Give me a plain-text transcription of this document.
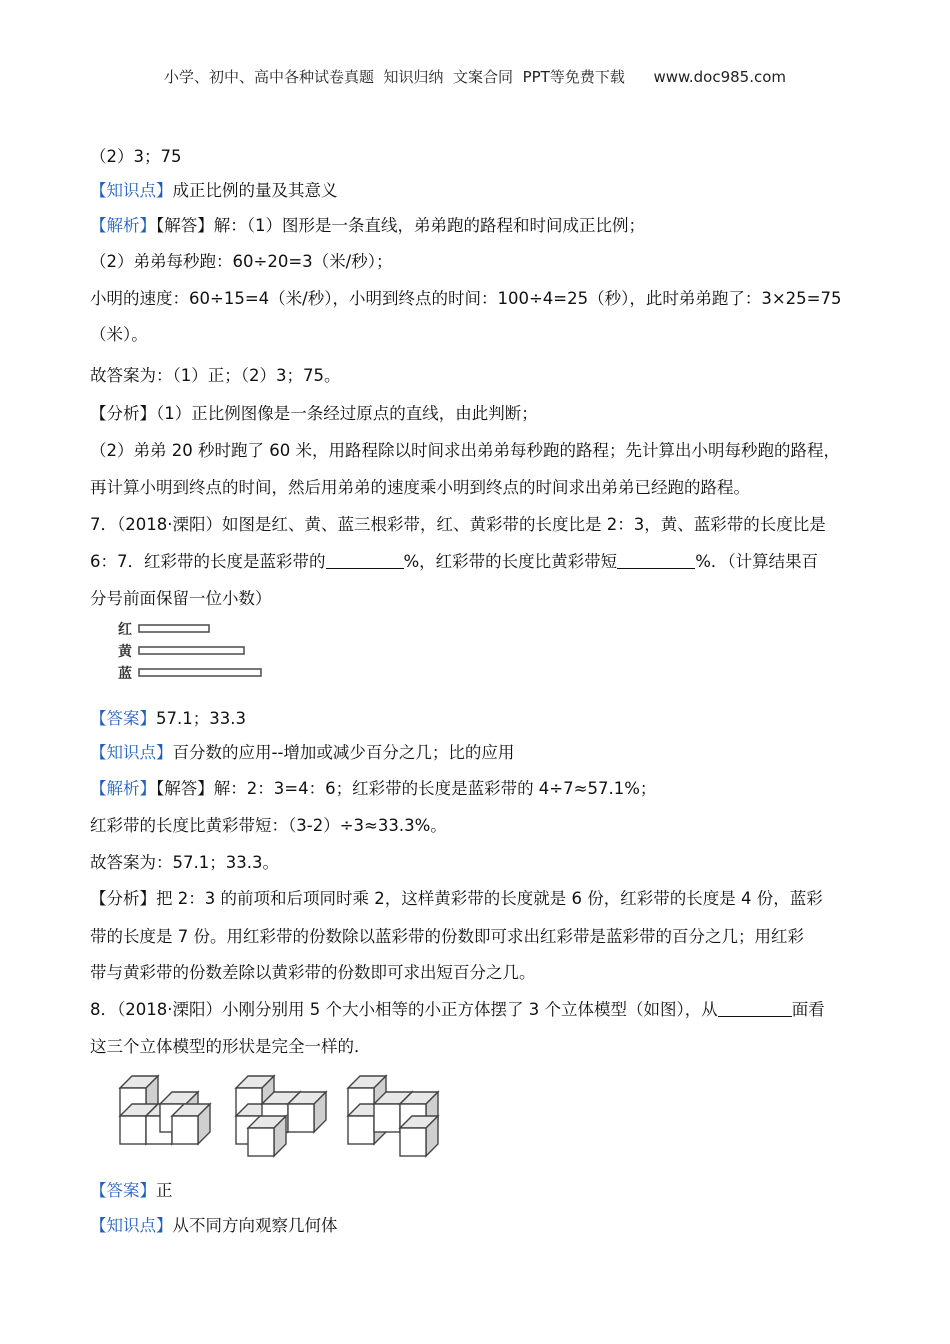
小学、初中、高中各种试卷真题  知识归纳  文案合同  PPT等免费下载      www.doc985.com
（2）3；75
【知识点】成正比例的量及其意义
【解析】【解答】解：（1）图形是一条直线，弟弟跑的路程和时间成正比例；
（2）弟弟每秒跑：60÷20=3（米/秒）；
小明的速度：60÷15=4（米/秒），小明到终点的时间：100÷4=25（秒），此时弟弟跑了：3×25=75
（米）。
故答案为：（1）正；（2）3；75。
【分析】（1）正比例图像是一条经过原点的直线，由此判断；
（2）弟弟 20 秒时跑了 60 米，用路程除以时间求出弟弟每秒跑的路程；先计算出小明每秒跑的路程，
再计算小明到终点的时间，然后用弟弟的速度乘小明到终点的时间求出弟弟已经跑的路程。
7．（2018·溧阳）如图是红、黄、蓝三根彩带，红、黄彩带的长度比是 2：3，黄、蓝彩带的长度比是
6：7．红彩带的长度是蓝彩带的	%，红彩带的长度比黄彩带短	%．（计算结果百
分号前面保留一位小数）
红
黄
蓝
【答案】57.1；33.3
【知识点】百分数的应用--增加或减少百分之几；比的应用
【解析】【解答】解：2：3=4：6；红彩带的长度是蓝彩带的 4÷7≈57.1%；
红彩带的长度比黄彩带短：（3-2）÷3≈33.3%。
故答案为：57.1；33.3。
【分析】把 2：3 的前项和后项同时乘 2，这样黄彩带的长度就是 6 份，红彩带的长度是 4 份，蓝彩
带的长度是 7 份。用红彩带的份数除以蓝彩带的份数即可求出红彩带是蓝彩带的百分之几；用红彩
带与黄彩带的份数差除以黄彩带的份数即可求出短百分之几。
8．（2018·溧阳）小刚分别用 5 个大小相等的小正方体摆了 3 个立体模型（如图），从	面看
这三个立体模型的形状是完全一样的．
【答案】正
【知识点】从不同方向观察几何体
